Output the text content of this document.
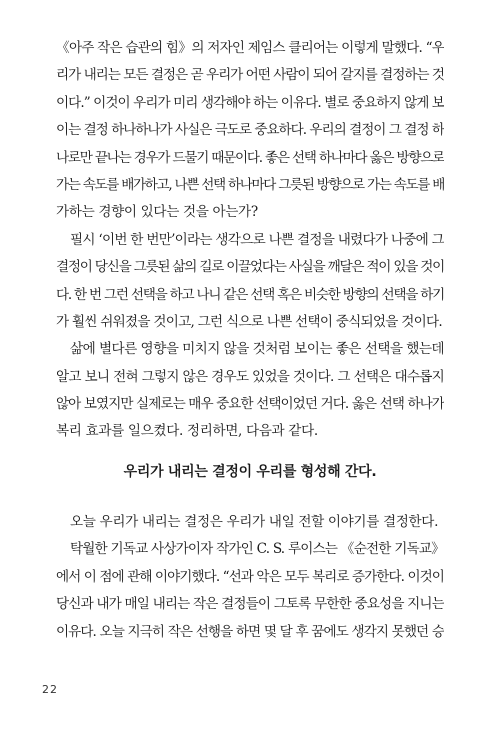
《아주 작은 습관의 힘》의 저자인 제임스 클리어는 이렇게 말했다. “우
리가 내리는 모든 결정은 곧 우리가 어떤 사람이 되어 갈지를 결정하는 것
이다.” 이것이 우리가 미리 생각해야 하는 이유다. 별로 중요하지 않게 보
이는 결정 하나하나가 사실은 극도로 중요하다. 우리의 결정이 그 결정 하
나로만 끝나는 경우가 드물기 때문이다. 좋은 선택 하나마다 옳은 방향으로
가는 속도를 배가하고, 나쁜 선택 하나마다 그릇된 방향으로 가는 속도를 배
가하는 경향이 있다는 것을 아는가?
필시 ‘이번 한 번만’이라는 생각으로 나쁜 결정을 내렸다가 나중에 그
결정이 당신을 그릇된 삶의 길로 이끌었다는 사실을 깨달은 적이 있을 것이
다. 한 번 그런 선택을 하고 나니 같은 선택 혹은 비슷한 방향의 선택을 하기
가 훨씬 쉬워졌을 것이고, 그런 식으로 나쁜 선택이 중식되었을 것이다.
삶에 별다른 영향을 미치지 않을 것처럼 보이는 좋은 선택을 했는데
알고 보니 전혀 그렇지 않은 경우도 있었을 것이다. 그 선택은 대수롭지
않아 보였지만 실제로는 매우 중요한 선택이었던 거다. 옳은 선택 하나가
복리 효과를 일으켰다. 정리하면, 다음과 같다.
우리가 내리는 결정이 우리를 형성해 간다.
오늘 우리가 내리는 결정은 우리가 내일 전할 이야기를 결정한다.
탁월한 기독교 사상가이자 작가인 C. S. 루이스는 《순전한 기독교》
에서 이 점에 관해 이야기했다. “선과 악은 모두 복리로 증가한다. 이것이
당신과 내가 매일 내리는 작은 결정들이 그토록 무한한 중요성을 지니는
이유다. 오늘 지극히 작은 선행을 하면 몇 달 후 꿈에도 생각지 못했던 승
22
